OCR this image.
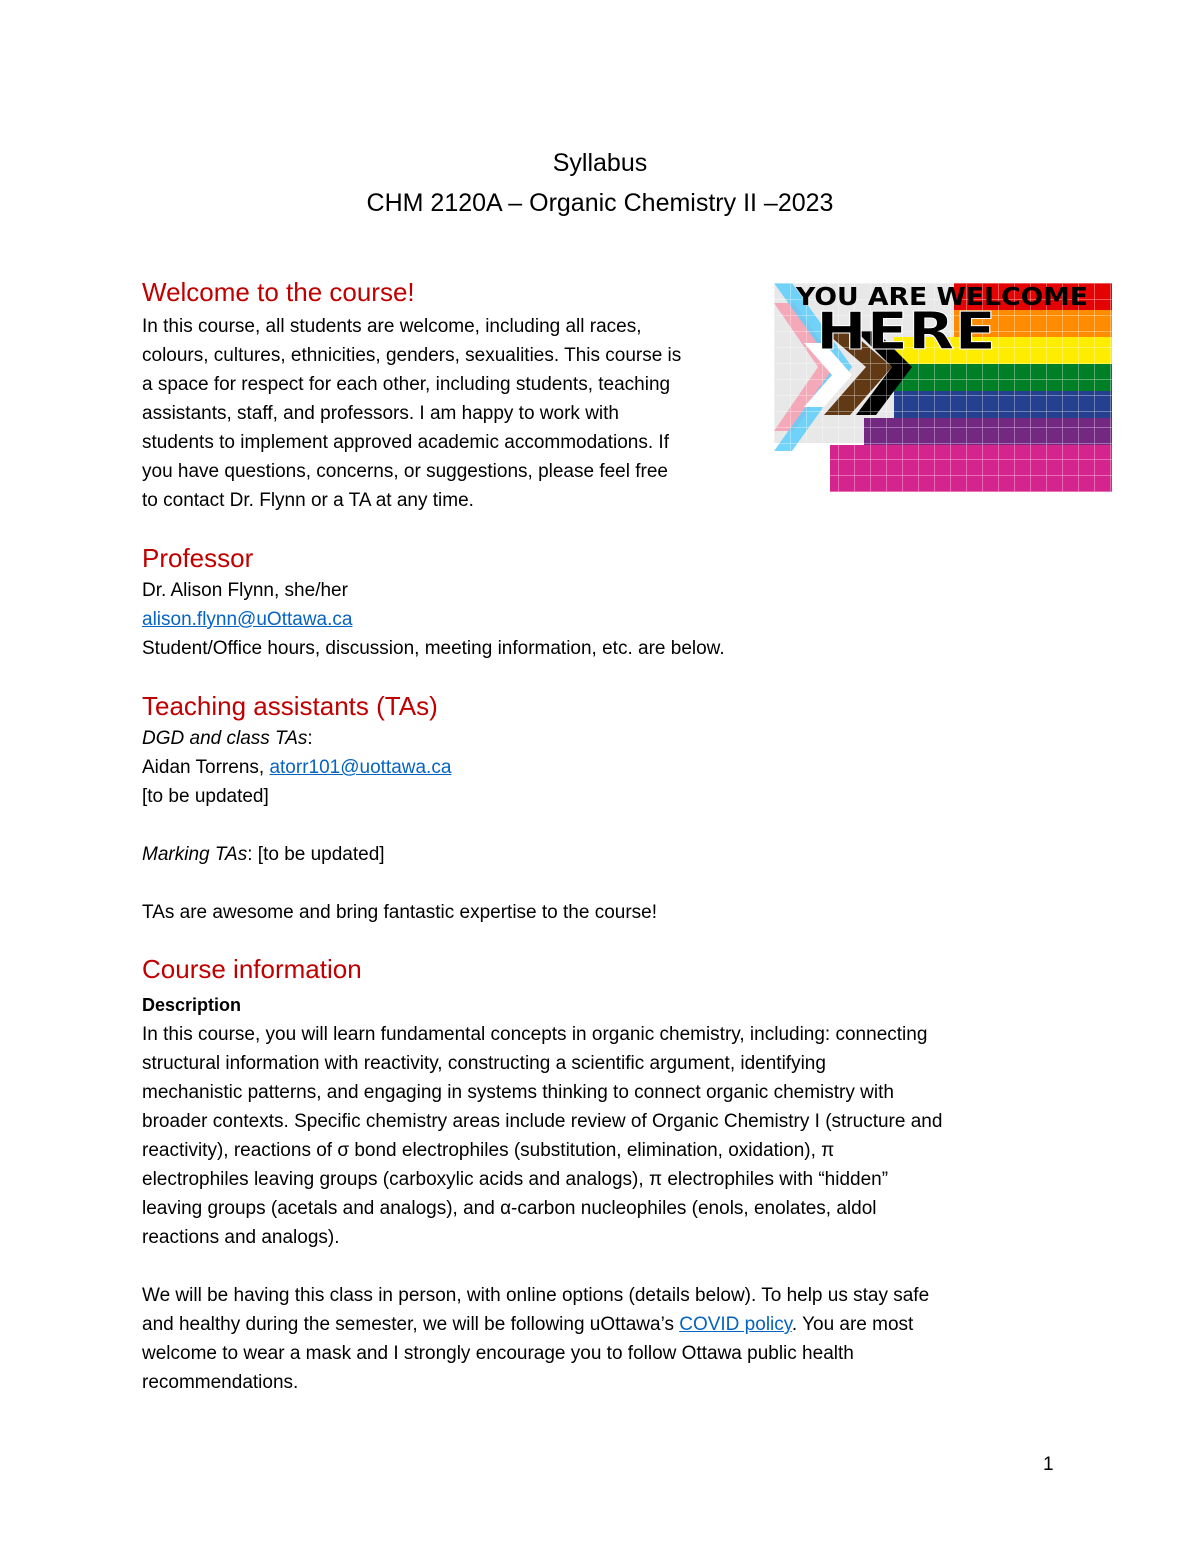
Syllabus
CHM 2120A – Organic Chemistry II –2023
Welcome to the course!
In this course, all students are welcome, including all races,
colours, cultures, ethnicities, genders, sexualities. This course is
a space for respect for each other, including students, teaching
assistants, staff, and professors. I am happy to work with
students to implement approved academic accommodations. If
you have questions, concerns, or suggestions, please feel free
to contact Dr. Flynn or a TA at any time.
YOU ARE WELCOME
HERE
Professor
Dr. Alison Flynn, she/her
alison.flynn@uOttawa.ca
Student/Office hours, discussion, meeting information, etc. are below.
Teaching assistants (TAs)
DGD and class TAs:
Aidan Torrens, atorr101@uottawa.ca
[to be updated]

Marking TAs: [to be updated]

TAs are awesome and bring fantastic expertise to the course!
Course information
Description
In this course, you will learn fundamental concepts in organic chemistry, including: connecting
structural information with reactivity, constructing a scientific argument, identifying
mechanistic patterns, and engaging in systems thinking to connect organic chemistry with
broader contexts. Specific chemistry areas include review of Organic Chemistry I (structure and
reactivity), reactions of σ bond electrophiles (substitution, elimination, oxidation), π
electrophiles leaving groups (carboxylic acids and analogs), π electrophiles with “hidden”
leaving groups (acetals and analogs), and α-carbon nucleophiles (enols, enolates, aldol
reactions and analogs).

We will be having this class in person, with online options (details below). To help us stay safe
and healthy during the semester, we will be following uOttawa’s COVID policy. You are most
welcome to wear a mask and I strongly encourage you to follow Ottawa public health
recommendations.
1
